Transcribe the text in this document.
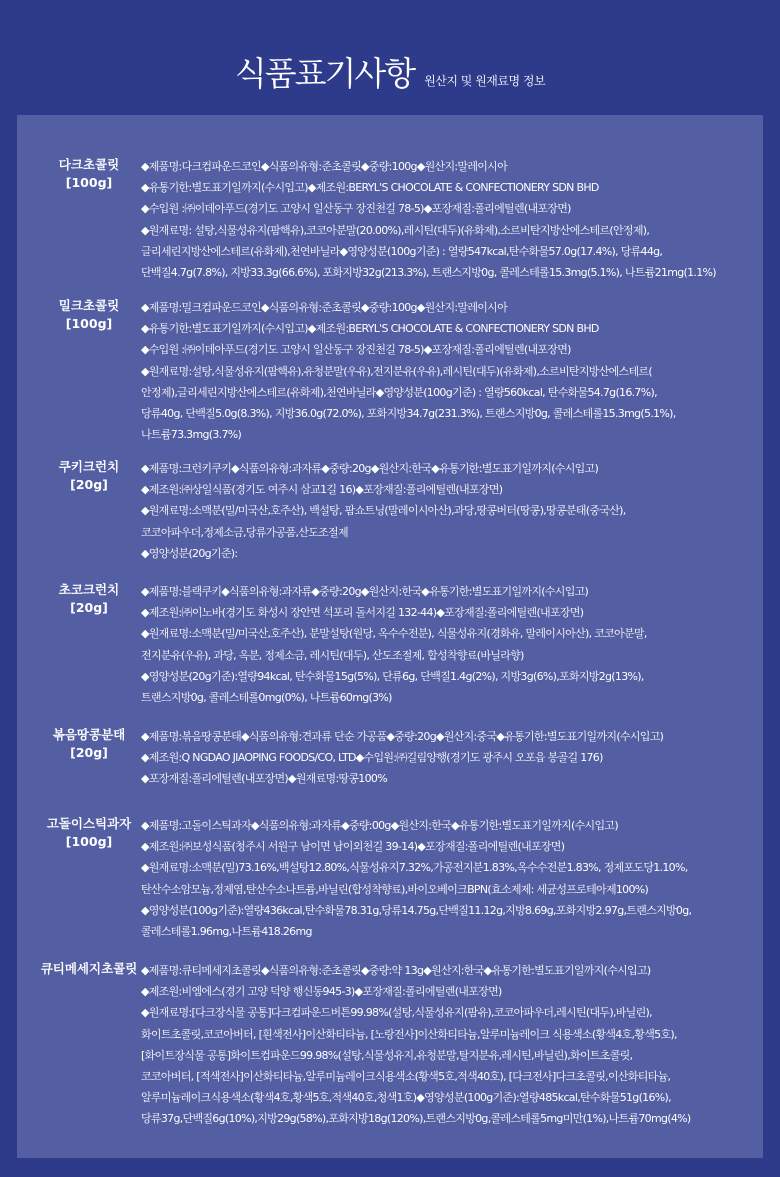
식품표기사항 원산지 및 원재료명 정보
다크초콜릿
[100g]
◆제품명:다크컴파운드코인◆식품의유형:준초콜릿◆중량:100g◆원산지:말레이시아
◆유통기한:별도표기일까지(수시입고)◆제조원:BERYL'S CHOCOLATE & CONFECTIONERY SDN BHD
◆수입원 :㈜이데아푸드(경기도 고양시 일산동구 장진천길 78-5)◆포장재질:폴리에틸렌(내포장면)
◆원재료명: 설탕,식물성유지(팜핵유),코코아분말(20.00%),레시틴(대두)(유화제),소르비탄지방산에스테르(안정제),
글리세린지방산에스테르(유화제),천연바닐라◆영양성분(100g기준) : 열량547kcal,탄수화물57.0g(17.4%), 당류44g,
단백질4.7g(7.8%), 지방33.3g(66.6%), 포화지방32g(213.3%), 트랜스지방0g, 콜레스테롤15.3mg(5.1%), 나트륨21mg(1.1%)
밀크초콜릿
[100g]
◆제품명:밀크컴파운드코인◆식품의유형:준초콜릿◆중량:100g◆원산지:말레이시아
◆유통기한:별도표기일까지(수시입고)◆제조원:BERYL'S CHOCOLATE & CONFECTIONERY SDN BHD
◆수입원 :㈜이데아푸드(경기도 고양시 일산동구 장진천길 78-5)◆포장재질:폴리에틸렌(내포장면)
◆원재료명:설탕,식물성유지(팜핵유),유청분말(우유),전지분유(우유),레시틴(대두)(유화제),소르비탄지방산에스테르(
안정제),글리세린지방산에스테르(유화제),천연바닐라◆영양성분(100g기준) : 열량560kcal, 탄수화물54.7g(16.7%),
당류40g, 단백질5.0g(8.3%), 지방36.0g(72.0%), 포화지방34.7g(231.3%), 트랜스지방0g, 콜레스테롤15.3mg(5.1%),
나트륨73.3mg(3.7%)
쿠키크런치
[20g]
◆제품명:크런키쿠키◆식품의유형:과자류◆중량:20g◆원산지:한국◆유통기한:별도표기일까지(수시입고)
◆제조원:㈜상일식품(경기도 여주시 삼교1길 16)◆포장재질:폴리에틸렌(내포장면)
◆원재료명:소맥분(밀/미국산,호주산), 백설탕, 팜쇼트닝(말레이시아산),과당,땅콩버터(땅콩),땅콩분태(중국산),
코코아파우더,정제소금,당류가공품,산도조절제
◆영양성분(20g기준):
초코크런치
[20g]
◆제품명:블랙쿠키◆식품의유형:과자류◆중량:20g◆원산지:한국◆유통기한:별도표기일까지(수시입고)
◆제조원:㈜이노바(경기도 화성시 장안면 석포리 돌서지길 132-44)◆포장재질:폴리에틸렌(내포장면)
◆원재료명:소맥분(밀/미국산,호주산), 분말설탕(원당, 옥수수전분), 식물성유지(경화유, 말레이시아산), 코코아분말,
전지분유(우유), 과당, 옥분, 정제소금, 레시틴(대두), 산도조절제, 합성착향료(바닐라향)
◆영양성분(20g기준):열량94kcal, 탄수화물15g(5%), 단류6g, 단백질1.4g(2%), 지방3g(6%),포화지방2g(13%),
트랜스지방0g, 콜레스테롤0mg(0%), 나트륨60mg(3%)
볶음땅콩분태
[20g]
◆제품명:볶음땅콩분태◆식품의유형:견과류 단순 가공품◆중량:20g◆원산지:중국◆유통기한:별도표기일까지(수시입고)
◆제조원:Q NGDAO JIAOPING FOODS/CO, LTD◆수입원:㈜길림양행(경기도 광주시 오포읍 봉골길 176)
◆포장재질:폴리에틸렌(내포장면)◆원재료명:땅콩100%
고돌이스틱과자
[100g]
◆제품명:고돌이스틱과자◆식품의유형:과자류◆중량:00g◆원산지:한국◆유통기한:별도표기일까지(수시입고)
◆제조원:㈜보성식품(청주시 서원구 남이면 남이외천길 39-14)◆포장재질:폴리에틸렌(내포장면)
◆원재료명:소맥분(밀)73.16%,백설탕12.80%,식물성유지7.32%,가공전지분1.83%,옥수수전분1.83%, 정제포도당1.10%,
탄산수소암모늄,정제염,탄산수소나트륨,바닐린(합성착향료),바이오베이크BPN(효소제제: 세균성프로테아제100%)
◆영양성분(100g기준):열량436kcal,탄수화물78.31g,당류14.75g,단백질11.12g,지방8.69g,포화지방2.97g,트랜스지방0g,
콜레스테롤1.96mg,나트륨418.26mg
큐티메세지초콜릿 ◆제품명:큐티메세지초콜릿◆식품의유형:준초콜릿◆중량:약 13g◆원산지:한국◆유통기한:별도표기일까지(수시입고)
◆제조원:비엠에스(경기 고양 덕양 행신동945-3)◆포장재질:폴리에틸렌(내포장면)
◆원재료명:[다크장식물 공통]다크컴파운드버튼99.98%(설탕,식물성유지(팜유),코코아파우더,레시틴(대두),바닐린),
화이트초콜릿,코코아버터, [흰색전사]이산화티타늄, [노랑전사]이산화티타늄,알루미늄레이크 식용색소(황색4호,황색5호),
[화이트장식물 공통]화이트컴파운드99.98%(설탕,식물성유지,유청분말,탈지분유,레시틴,바닐린),화이트초콜릿,
코코아버터, [적색전사]이산화티타늄,알루미늄레이크식용색소(황색5호,적색40호), [다크전사]다크초콜릿,이산화티타늄,
알루미늄레이크식용색소(황색4호,황색5호,적색40호,청색1호)◆영양성분(100g기준):열량485kcal,탄수화물51g(16%),
당류37g,단백질6g(10%),지방29g(58%),포화지방18g(120%),트랜스지방0g,콜레스테롤5mg미만(1%),나트륨70mg(4%)
